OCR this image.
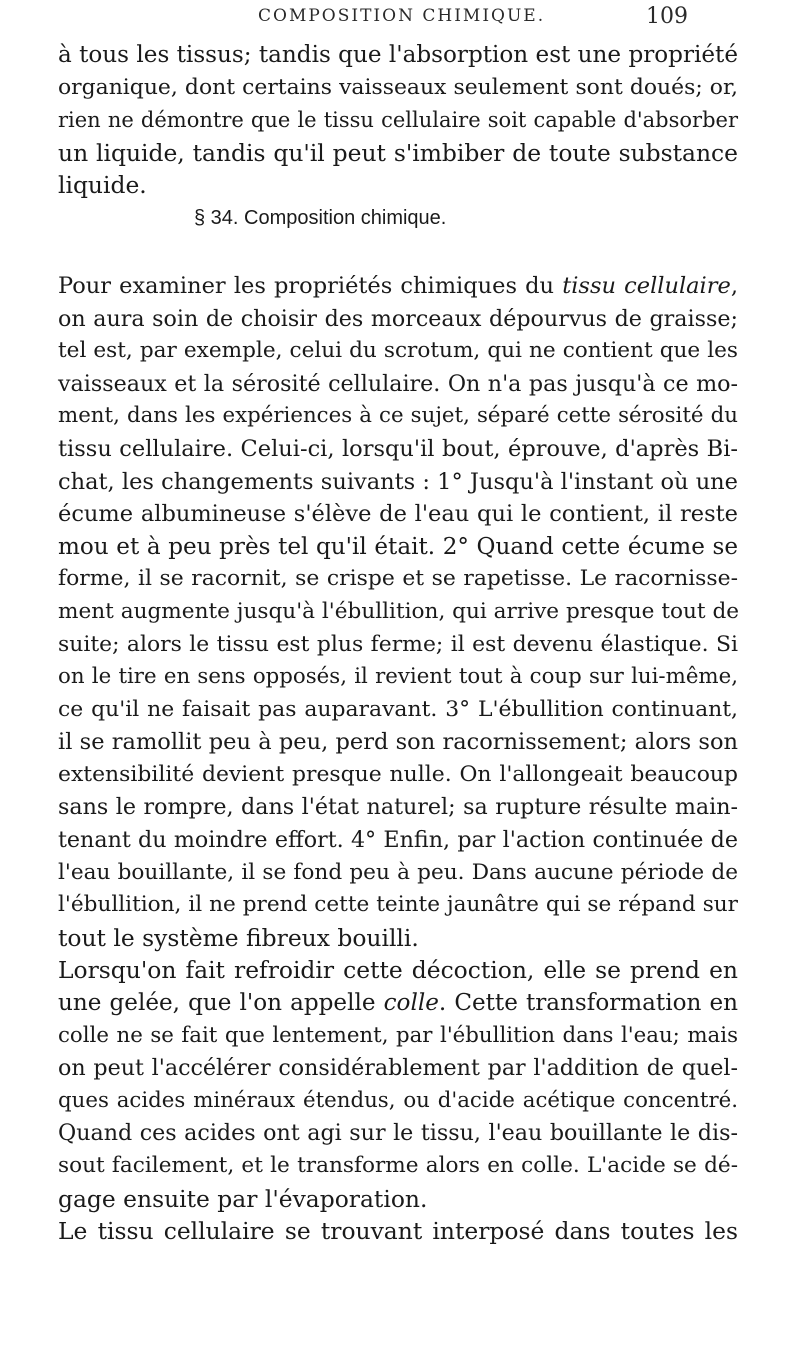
COMPOSITION CHIMIQUE.	109
à tous les tissus; tandis que l'absorption est une propriété
organique, dont certains vaisseaux seulement sont doués; or,
rien ne démontre que le tissu cellulaire soit capable d'absorber
un liquide, tandis qu'il peut s'imbiber de toute substance
liquide.
§ 34. Composition chimique.
Pour examiner les propriétés chimiques du tissu cellulaire,
on aura soin de choisir des morceaux dépourvus de graisse;
tel est, par exemple, celui du scrotum, qui ne contient que les
vaisseaux et la sérosité cellulaire. On n'a pas jusqu'à ce mo-
ment, dans les expériences à ce sujet, séparé cette sérosité du
tissu cellulaire. Celui-ci, lorsqu'il bout, éprouve, d'après Bi-
chat, les changements suivants : 1° Jusqu'à l'instant où une
écume albumineuse s'élève de l'eau qui le contient, il reste
mou et à peu près tel qu'il était. 2° Quand cette écume se
forme, il se racornit, se crispe et se rapetisse. Le racornisse-
ment augmente jusqu'à l'ébullition, qui arrive presque tout de
suite; alors le tissu est plus ferme; il est devenu élastique. Si
on le tire en sens opposés, il revient tout à coup sur lui-même,
ce qu'il ne faisait pas auparavant. 3° L'ébullition continuant,
il se ramollit peu à peu, perd son racornissement; alors son
extensibilité devient presque nulle. On l'allongeait beaucoup
sans le rompre, dans l'état naturel; sa rupture résulte main-
tenant du moindre effort. 4° Enfin, par l'action continuée de
l'eau bouillante, il se fond peu à peu. Dans aucune période de
l'ébullition, il ne prend cette teinte jaunâtre qui se répand sur
tout le système fibreux bouilli.
Lorsqu'on fait refroidir cette décoction, elle se prend en
une gelée, que l'on appelle colle. Cette transformation en
colle ne se fait que lentement, par l'ébullition dans l'eau; mais
on peut l'accélérer considérablement par l'addition de quel-
ques acides minéraux étendus, ou d'acide acétique concentré.
Quand ces acides ont agi sur le tissu, l'eau bouillante le dis-
sout facilement, et le transforme alors en colle. L'acide se dé-
gage ensuite par l'évaporation.
Le tissu cellulaire se trouvant interposé dans toutes les
